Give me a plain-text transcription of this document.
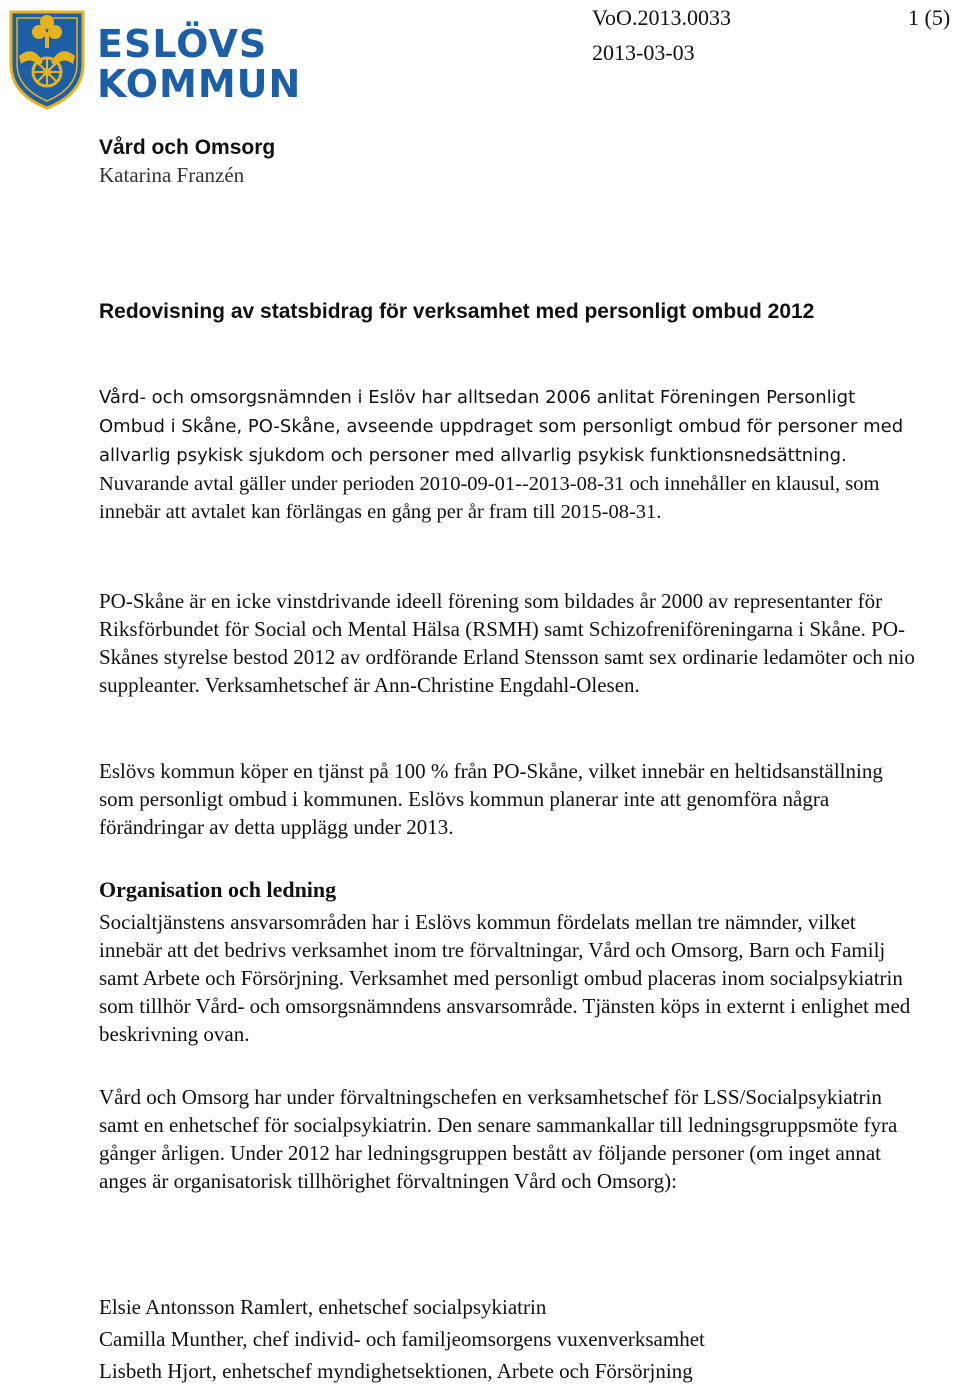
ESLÖVS
KOMMUN
VoO.2013.0033
2013-03-03
1 (5)
Vård och Omsorg
Katarina Franzén
Redovisning av statsbidrag för verksamhet med personligt ombud 2012
Vård- och omsorgsnämnden i Eslöv har alltsedan 2006 anlitat Föreningen Personligt Ombud i Skåne, PO-Skåne, avseende uppdraget som personligt ombud för personer med allvarlig psykisk sjukdom och personer med allvarlig psykisk funktionsnedsättning. Nuvarande avtal gäller under perioden 2010-09-01--2013-08-31 och innehåller en klausul, som innebär att avtalet kan förlängas en gång per år fram till 2015-08-31.
PO-Skåne är en icke vinstdrivande ideell förening som bildades år 2000 av representanter för Riksförbundet för Social och Mental Hälsa (RSMH) samt Schizofreniföreningarna i Skåne. PO-Skånes styrelse bestod 2012 av ordförande Erland Stensson samt sex ordinarie ledamöter och nio suppleanter. Verksamhetschef är Ann-Christine Engdahl-Olesen.
Eslövs kommun köper en tjänst på 100 % från PO-Skåne, vilket innebär en heltidsanställning som personligt ombud i kommunen. Eslövs kommun planerar inte att genomföra några förändringar av detta upplägg under 2013.
Organisation och ledning
Socialtjänstens ansvarsområden har i Eslövs kommun fördelats mellan tre nämnder, vilket innebär att det bedrivs verksamhet inom tre förvaltningar, Vård och Omsorg, Barn och Familj samt Arbete och Försörjning. Verksamhet med personligt ombud placeras inom socialpsykiatrin som tillhör Vård- och omsorgsnämndens ansvarsområde. Tjänsten köps in externt i enlighet med beskrivning ovan.
Vård och Omsorg har under förvaltningschefen en verksamhetschef för LSS/Socialpsykiatrin samt en enhetschef för socialpsykiatrin. Den senare sammankallar till ledningsgruppsmöte fyra gånger årligen. Under 2012 har ledningsgruppen bestått av följande personer (om inget annat anges är organisatorisk tillhörighet förvaltningen Vård och Omsorg):
Elsie Antonsson Ramlert, enhetschef socialpsykiatrin
Camilla Munther, chef individ- och familjeomsorgens vuxenverksamhet
Lisbeth Hjort, enhetschef myndighetsektionen, Arbete och Försörjning
